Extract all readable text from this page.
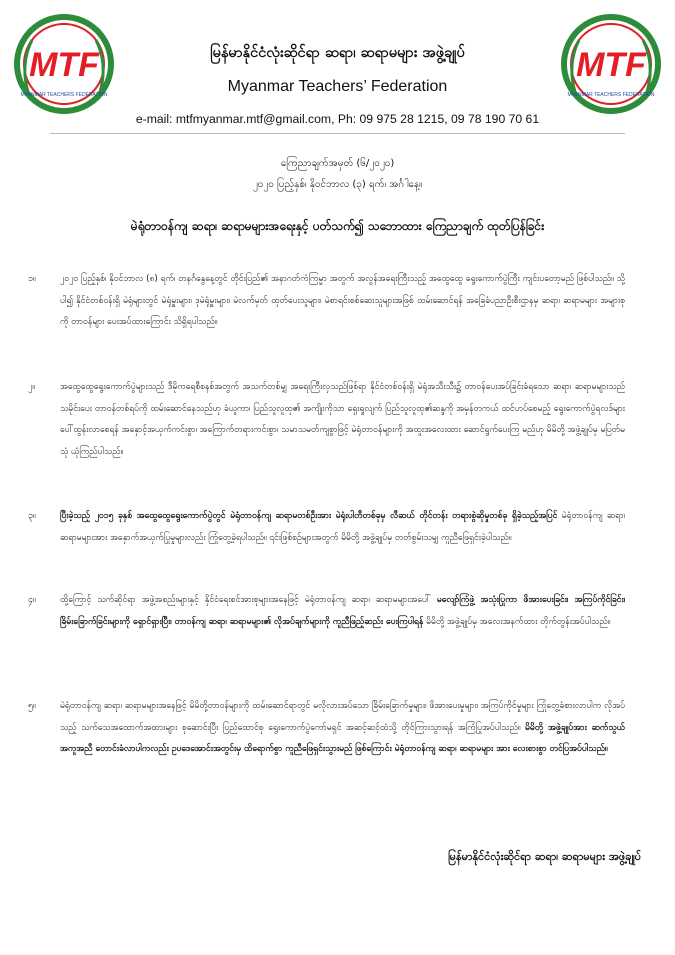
MTF
MYANMAR TEACHERS FEDERATION
MTF
MYANMAR TEACHERS FEDERATION
မြန်မာနိုင်ငံလုံးဆိုင်ရာ ဆရာ၊ ဆရာမများ အဖွဲ့ချုပ်
Myanmar Teachers’ Federation
e-mail: mtfmyanmar.mtf@gmail.com, Ph: 09 975 28 1215, 09 78 190 70 61
ကြေညာချက်အမှတ် (၆/၂၀၂၀)
၂၀၂၀ ပြည့်နှစ်၊ နိုဝင်ဘာလ (၃) ရက်၊ အင်္ဂါနေ့။
မဲရုံတာဝန်ကျ ဆရာ၊ ဆရာမများအရေးနှင့် ပတ်သက်၍ သဘောထား ကြေညာချက် ထုတ်ပြန်ခြင်း
၁။	၂၀၂၀ ပြည့်နှစ်၊ နိုဝင်ဘာလ (၈) ရက်၊ တနင်္ဂနွေနေ့တွင် တိုင်းပြည်၏ အနာဂတ်ကံကြမ္မာ အတွက် အလွန်အရေးကြီးသည့် အထွေထွေ ရွေးကောက်ပွဲကြီး ကျင်းပတော့မည် ဖြစ်ပါသည်။ သို့ပါ၍ နိုင်ငံတစ်ဝန်းရှိ မဲရုံများတွင် မဲရုံမှူးများ၊ ဒုမဲရုံမှူးများ၊ မဲလက်မှတ် ထုတ်ပေးသူများ၊ မဲစာရင်းစစ်ဆေးသူများအဖြစ် ထမ်းဆောင်ရန် အခြေခံပညာဦးစီးဌာနမှ ဆရာ၊ ဆရာမများ အများစုကို တာဝန်များ ပေးအပ်ထားကြောင်း သိရှိရပါသည်။
၂။	အထွေထွေရွေးကောက်ပွဲများသည် ဒီမိုကရေစီစနစ်အတွက် အသက်တစ်မျှ အရေးကြီးလှသည်ဖြစ်ရာ နိုင်ငံတစ်ဝန်းရှိ မဲရုံအသီးသီး၌ တာဝန်ပေးအပ်ခြင်းခံရသော ဆရာ၊ ဆရာမများသည် သမိုင်းပေး တာဝန်တစ်ရပ်ကို ထမ်းဆောင်နေသည်ဟု ခံယူကာ၊ ပြည်သူလူထု၏ အကျိုးကိုသာ ရှေးရှုလျက် ပြည်သူလူထု၏ဆန္ဒကို အမှန်တကယ် ထင်ဟပ်စေမည့် ရွေးကောက်ပွဲရလဒ်များ ပေါ်ထွန်းလာစေရန် အနှောင့်အယှက်ကင်းစွာ၊ အကြောက်တရားကင်းစွာ၊ သမာသမတ်ကျစွာဖြင့် မဲရုံတာဝန်များကို အထူးအလေးထား ဆောင်ရွက်ပေးကြ မည်ဟု မိမိတို့ အဖွဲ့ချုပ်မှ မပြတ်မသုံ ယုံကြည်ပါသည်။
၃။	ပြီးခဲ့သည့် ၂၀၁၅ ခုနှစ် အထွေထွေရွေးကောက်ပွဲတွင် မဲရုံတာဝန်ကျ ဆရာမတစ်ဦးအား မဲရုံးပါတီတစ်ခုမှ လီဆယ် တိုင်တန်း တရားစွဲဆိုမှုတစ်ခု ရှိခဲ့သည့်အပြင် မဲရုံတာဝန်ကျ ဆရာ၊ ဆရာမများအား အနှောက်အယှက်ပြုမှုများလည်း ကြုံတွေ့ခဲ့ရပါသည်။ ၎င်းဖြစ်စဉ်များအတွက် မိမိတို့ အဖွဲ့ချုပ်မှ တတ်စွမ်းသမျှ ကူညီဖြေရှင်းခဲ့ပါသည်။
၄။	ထို့ကြောင့် သက်ဆိုင်ရာ အဖွဲ့အစည်းများနှင့် နိုင်ငံရေးစင်အားစုများအနေဖြင့် မဲရုံတာဝန်ကျ ဆရာ၊ ဆရာမများအပေါ် မလျော်ကြံဖွဲ့ အသုံးပြုကာ ဖိအားပေးခြင်း၊ အကြပ်ကိုင်ခြင်း၊ ခြိမ်းခြောက်ခြင်းများကို ရှောင်ရှားပြီး၊ တာဝန်ကျ ဆရာ၊ ဆရာမများ၏ လိုအပ်ချက်များကို ကူညီဖြည့်ဆည်း ပေးကြပါရန် မိမိတို့ အဖွဲ့ချုပ်မှ အလေးအနက်ထား တိုက်တွန်းအပ်ပါသည်။
၅။	မဲရုံတာဝန်ကျ ဆရာ၊ ဆရာမများအနေဖြင့် မိမိတို့တာဝန်များကို ထမ်းဆောင်ရာတွင် မလိုလားအပ်သော ခြိမ်းခြောက်မှုများ၊ ဖိအားပေးမှုများ၊ အကြပ်ကိုင်မှုများ ကြုံတွေ့ခံစားလာပါက လိုအပ်သည့် သက်သေအထောက်အထားများ စုဆောင်းပြီး ပြည်ထောင်စု ရွေးကောက်ပွဲကော်မရှင် အဆင့်ဆင့်ထံသို့ တိုင်ကြားသွားရန် အကြံပြုအပ်ပါသည်။ မိမိတို့ အဖွဲ့ချုပ်အား ဆက်သွယ် အကူအညီ တောင်းခံလာပါကလည်း ဥပဒေအောင်းအတွင်းမှ ထိရောက်စွာ ကူညီဖြေရှင်းသွားမည် ဖြစ်ကြောင်း မဲရုံတာဝန်ကျ ဆရာ၊ ဆရာမများ အား လေးစားစွာ တင်ပြအပ်ပါသည်။
မြန်မာနိုင်ငံလုံးဆိုင်ရာ ဆရာ၊ ဆရာမများ အဖွဲ့ချုပ်
